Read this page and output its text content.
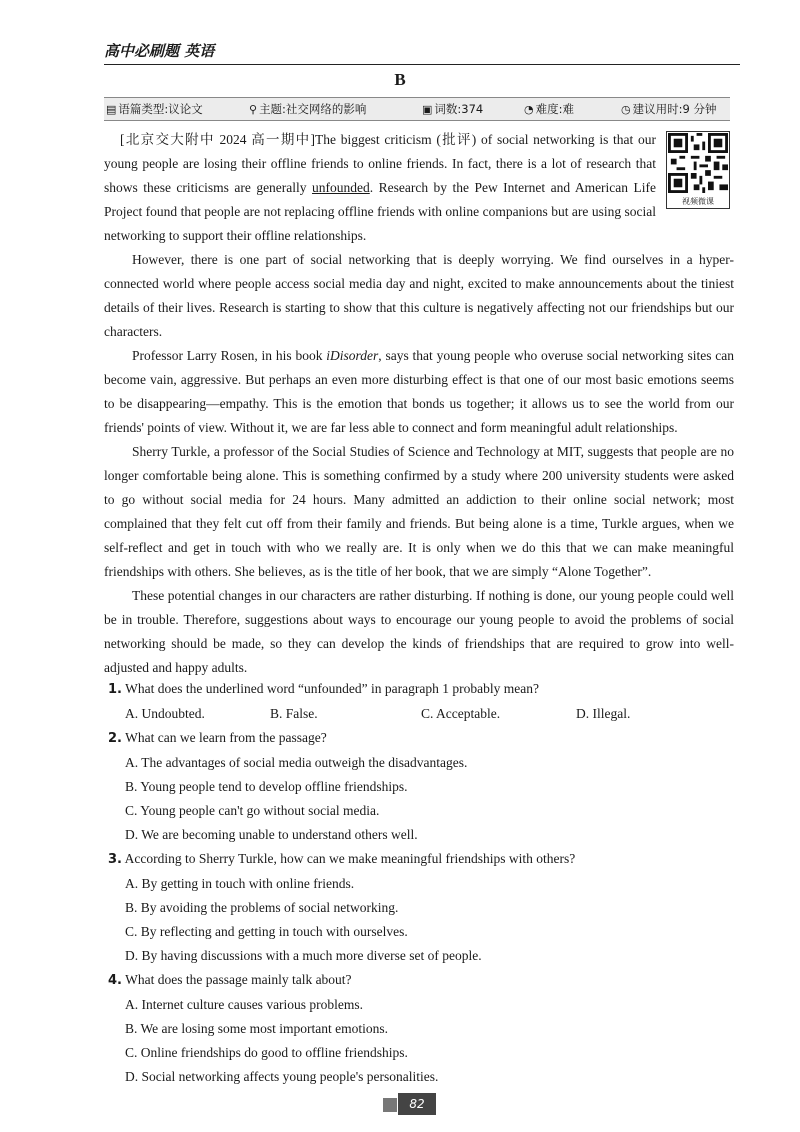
高中必刷题 英语
B
▤ 语篇类型:议论文	⚲ 主题:社交网络的影响	▣ 词数:374	◔ 难度:难	◷ 建议用时:9 分钟
视频微课

[北京交大附中 2024 高一期中]The biggest criticism (批评) of social networking is that our young people are losing their offline friends to online friends. In fact, there is a lot of research that shows these criticisms are generally unfounded. Research by the Pew Internet and American Life Project found that people are not replacing offline friends with online companions but are using social networking to support their offline relationships.

However, there is one part of social networking that is deeply worrying. We find ourselves in a hyper-connected world where people access social media day and night, excited to make announcements about the tiniest details of their lives. Research is starting to show that this culture is negatively affecting not our friendships but our characters.

Professor Larry Rosen, in his book iDisorder, says that young people who overuse social networking sites can become vain, aggressive. But perhaps an even more disturbing effect is that one of our most basic emotions seems to be disappearing—empathy. This is the emotion that bonds us together; it allows us to see the world from our friends' points of view. Without it, we are far less able to connect and form meaningful adult relationships.

Sherry Turkle, a professor of the Social Studies of Science and Technology at MIT, suggests that people are no longer comfortable being alone. This is something confirmed by a study where 200 university students were asked to go without social media for 24 hours. Many admitted an addiction to their online social network; most complained that they felt cut off from their family and friends. But being alone is a time, Turkle argues, when we self-reflect and get in touch with who we really are. It is only when we do this that we can make meaningful friendships with others. She believes, as is the title of her book, that we are simply “Alone Together”.

These potential changes in our characters are rather disturbing. If nothing is done, our young people could well be in trouble. Therefore, suggestions about ways to encourage our young people to avoid the problems of social networking should be made, so they can develop the kinds of friendships that are required to grow into well-adjusted and happy adults.

1. What does the underlined word “unfounded” in paragraph 1 probably mean?

A. Undoubted.	B. False.	C. Acceptable.	D. Illegal.

2. What can we learn from the passage?

A. The advantages of social media outweigh the disadvantages.

B. Young people tend to develop offline friendships.

C. Young people can't go without social media.

D. We are becoming unable to understand others well.

3. According to Sherry Turkle, how can we make meaningful friendships with others?

A. By getting in touch with online friends.

B. By avoiding the problems of social networking.

C. By reflecting and getting in touch with ourselves.

D. By having discussions with a much more diverse set of people.

4. What does the passage mainly talk about?

A. Internet culture causes various problems.

B. We are losing some most important emotions.

C. Online friendships do good to offline friendships.

D. Social networking affects young people's personalities.

82
